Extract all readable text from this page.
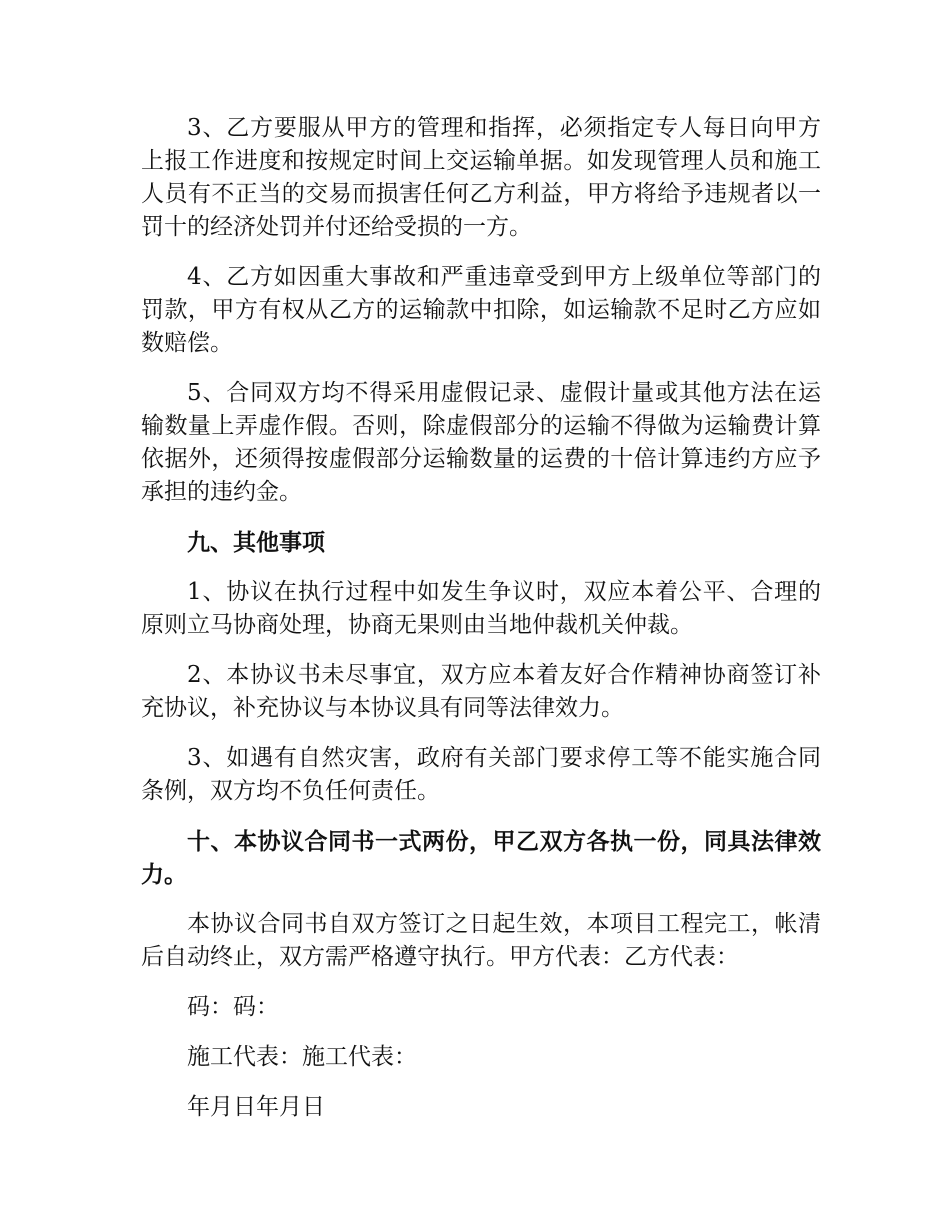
3、乙方要服从甲方的管理和指挥，必须指定专人每日向甲方上报工作进度和按规定时间上交运输单据。如发现管理人员和施工人员有不正当的交易而损害任何乙方利益，甲方将给予违规者以一罚十的经济处罚并付还给受损的一方。

4、乙方如因重大事故和严重违章受到甲方上级单位等部门的罚款，甲方有权从乙方的运输款中扣除，如运输款不足时乙方应如数赔偿。

5、合同双方均不得采用虚假记录、虚假计量或其他方法在运输数量上弄虚作假。否则，除虚假部分的运输不得做为运输费计算依据外，还须得按虚假部分运输数量的运费的十倍计算违约方应予承担的违约金。

九、其他事项

1、协议在执行过程中如发生争议时，双应本着公平、合理的原则立马协商处理，协商无果则由当地仲裁机关仲裁。

2、本协议书未尽事宜，双方应本着友好合作精神协商签订补充协议，补充协议与本协议具有同等法律效力。

3、如遇有自然灾害，政府有关部门要求停工等不能实施合同条例，双方均不负任何责任。

十、本协议合同书一式两份，甲乙双方各执一份，同具法律效力。

本协议合同书自双方签订之日起生效，本项目工程完工，帐清后自动终止，双方需严格遵守执行。甲方代表：乙方代表：

码：码：

施工代表：施工代表：

年月日年月日
